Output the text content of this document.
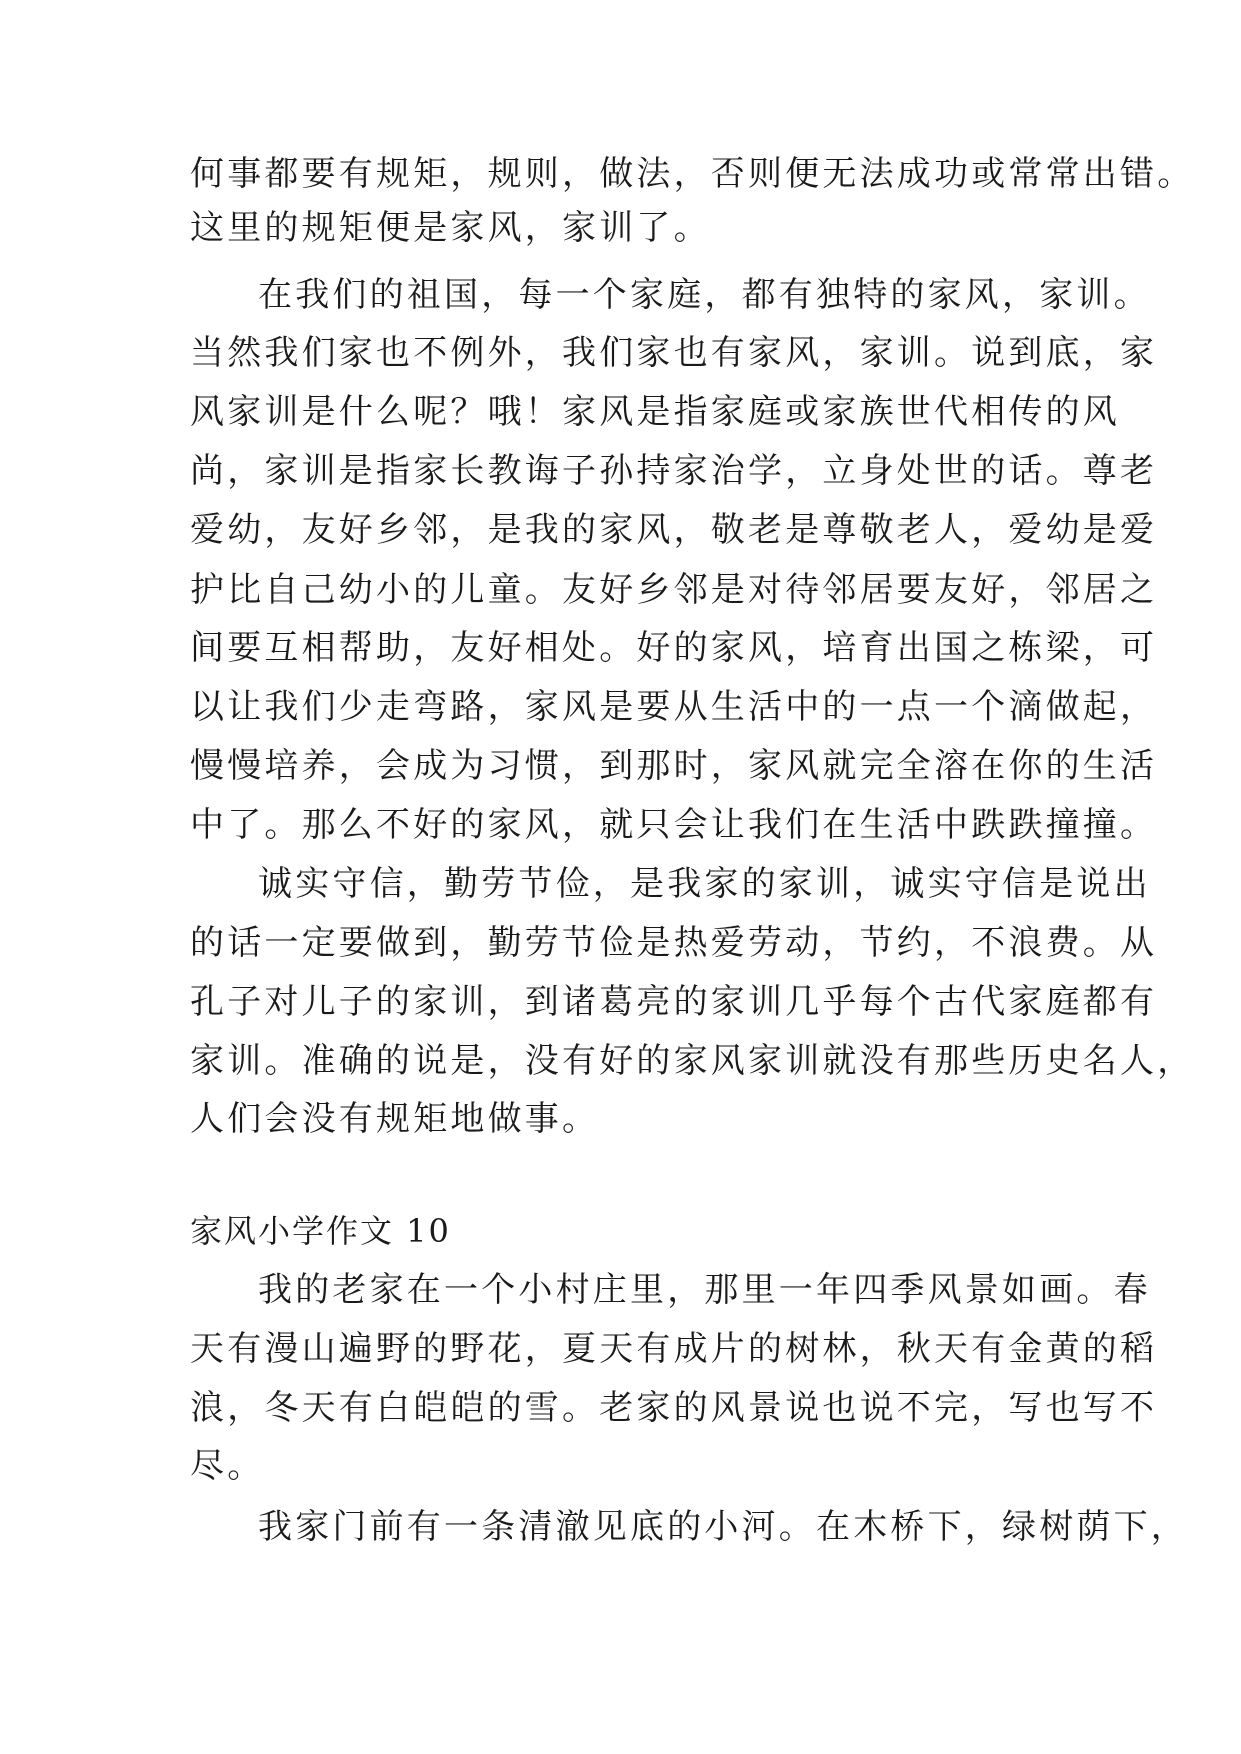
何事都要有规矩，规则，做法，否则便无法成功或常常出错。
这里的规矩便是家风，家训了。
在我们的祖国，每一个家庭，都有独特的家风，家训。
当然我们家也不例外，我们家也有家风，家训。说到底，家
风家训是什么呢？哦！家风是指家庭或家族世代相传的风
尚，家训是指家长教诲子孙持家治学，立身处世的话。尊老
爱幼，友好乡邻，是我的家风，敬老是尊敬老人，爱幼是爱
护比自己幼小的儿童。友好乡邻是对待邻居要友好，邻居之
间要互相帮助，友好相处。好的家风，培育出国之栋梁，可
以让我们少走弯路，家风是要从生活中的一点一个滴做起，
慢慢培养，会成为习惯，到那时，家风就完全溶在你的生活
中了。那么不好的家风，就只会让我们在生活中跌跌撞撞。
诚实守信，勤劳节俭，是我家的家训，诚实守信是说出
的话一定要做到，勤劳节俭是热爱劳动，节约，不浪费。从
孔子对儿子的家训，到诸葛亮的家训几乎每个古代家庭都有
家训。准确的说是，没有好的家风家训就没有那些历史名人，
人们会没有规矩地做事。
家风小学作文 10
我的老家在一个小村庄里，那里一年四季风景如画。春
天有漫山遍野的野花，夏天有成片的树林，秋天有金黄的稻
浪，冬天有白皑皑的雪。老家的风景说也说不完，写也写不
尽。
我家门前有一条清澈见底的小河。在木桥下，绿树荫下，
